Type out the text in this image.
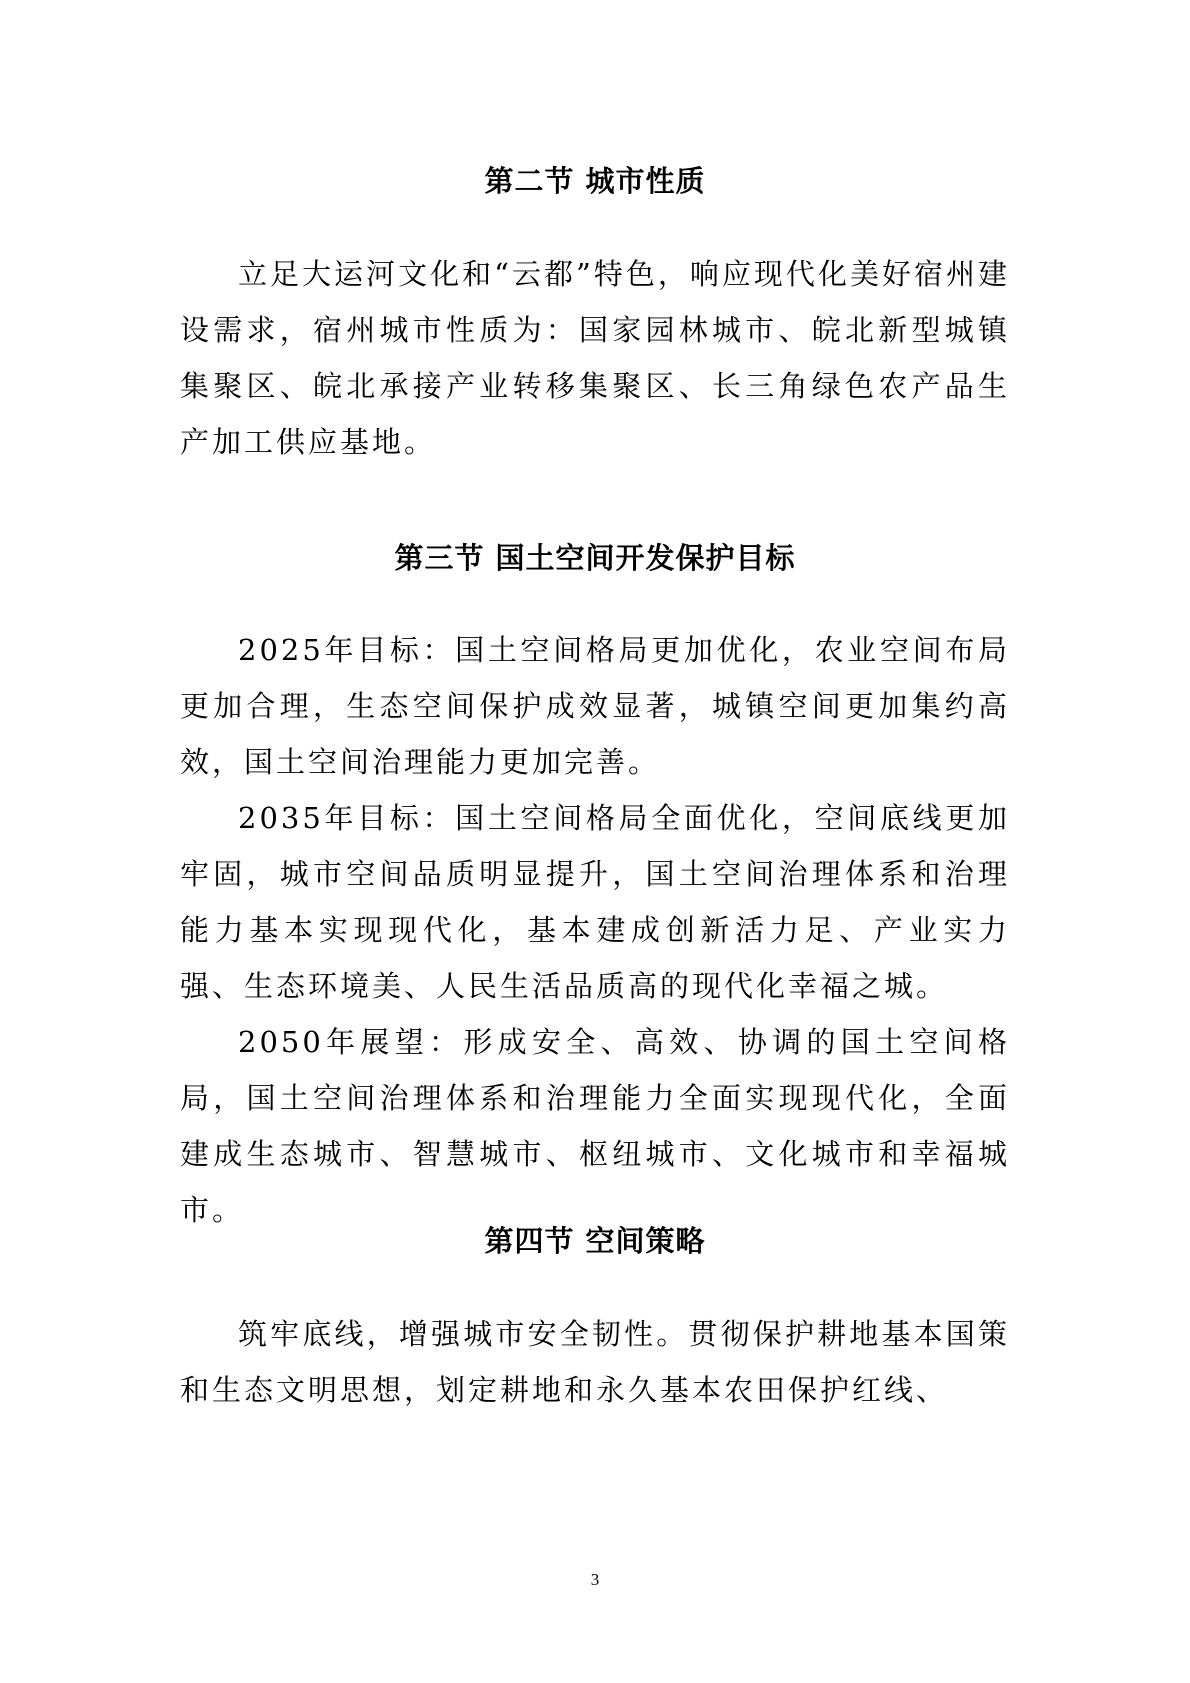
第二节 城市性质
立足大运河文化和“云都”特色，响应现代化美好宿州建设需求，宿州城市性质为：国家园林城市、皖北新型城镇集聚区、皖北承接产业转移集聚区、长三角绿色农产品生产加工供应基地。
第三节 国土空间开发保护目标
2025年目标：国土空间格局更加优化，农业空间布局更加合理，生态空间保护成效显著，城镇空间更加集约高效，国土空间治理能力更加完善。
2035年目标：国土空间格局全面优化，空间底线更加牢固，城市空间品质明显提升，国土空间治理体系和治理能力基本实现现代化，基本建成创新活力足、产业实力强、生态环境美、人民生活品质高的现代化幸福之城。
2050年展望：形成安全、高效、协调的国土空间格局，国土空间治理体系和治理能力全面实现现代化，全面建成生态城市、智慧城市、枢纽城市、文化城市和幸福城市。
第四节 空间策略
筑牢底线，增强城市安全韧性。贯彻保护耕地基本国策和生态文明思想，划定耕地和永久基本农田保护红线、
3
